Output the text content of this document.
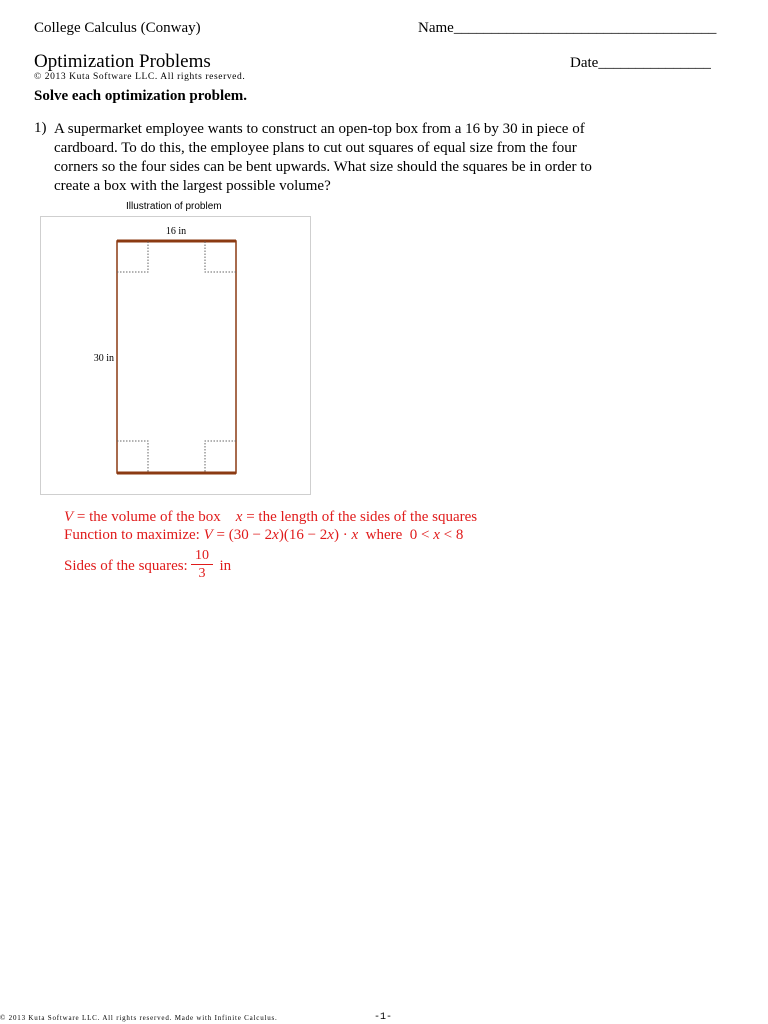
College Calculus (Conway)	Name___________________________________
Optimization Problems	Date_______________
© 2013 Kuta Software LLC. All rights reserved.
Solve each optimization problem.
1) A supermarket employee wants to construct an open-top box from a 16 by 30 in piece of
cardboard. To do this, the employee plans to cut out squares of equal size from the four
corners so the four sides can be bent upwards. What size should the squares be in order to
create a box with the largest possible volume?
Illustration of problem
16 in
30 in
V = the volume of the box    x = the length of the sides of the squares
Function to maximize: V = (30 − 2x)(16 − 2x) · x  where  0 < x < 8
Sides of the squares: in
10
3
© 2013 Kuta Software LLC. All rights reserved. Made with Infinite Calculus.	-1-
